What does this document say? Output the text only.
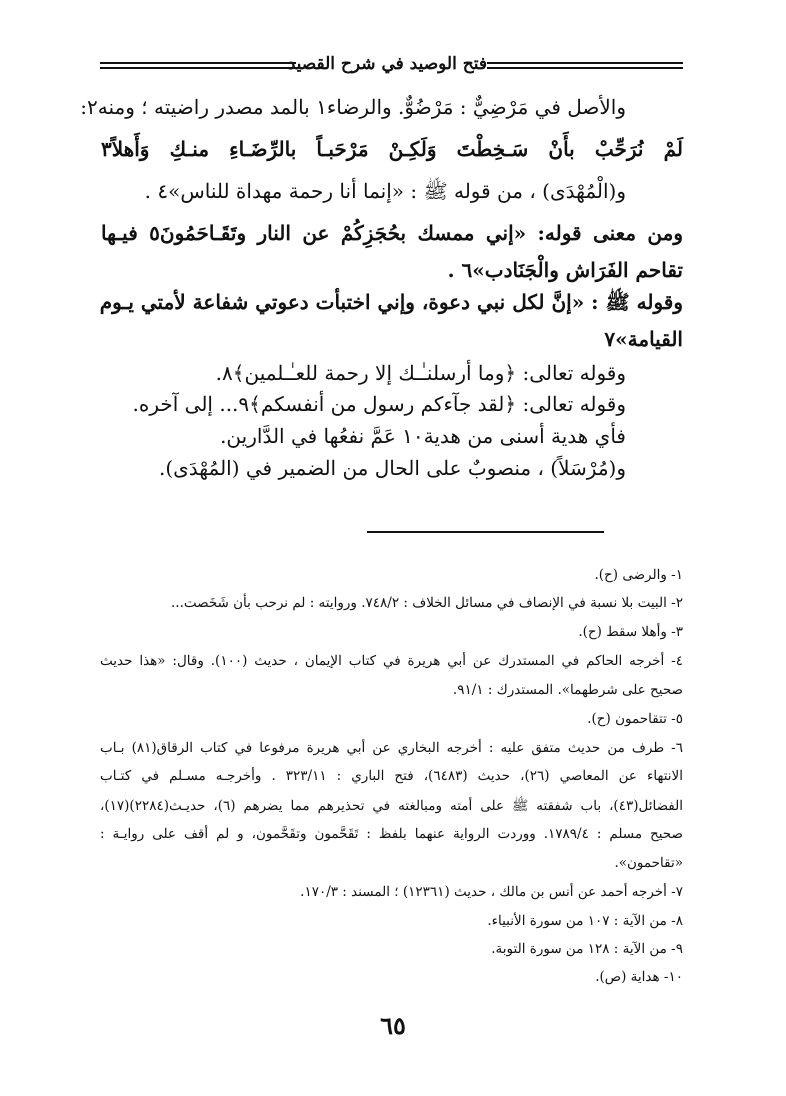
فتح الوصيد في شرح القصيد
والأصل في مَرْضِيٌّ : مَرْضُوٌّ. والرضاء١ بالمد مصدر راضيته ؛ ومنه٢:
لَمْ نُرَحِّبْ بأَنْ سَـخِطْتَ وَلَكِـنْ مَرْحَبـاً بالرِّضَـاءِ منـكِ وَأَهلاً٣
و(الْمُهْدَى) ، من قوله ﷺ : «إنما أنا رحمة مهداة للناس»٤ .
ومن معنى قوله: «إني ممسك بحُجَزِكُمْ عن النار وتَقَـاحَمُونَ٥ فيـها
تقاحم الفَرَاش والْجَنَادب»٦ .
وقوله ﷺ : «إنَّ لكل نبي دعوة، وإني اختبأت دعوتي شفاعة لأمتي يـوم
القيامة»٧
وقوله تعالى: ﴿وما أرسلنـٰـك إلا رحمة للعـٰـلمين﴾٨.
وقوله تعالى: ﴿لقد جآءكم رسول من أنفسكم﴾٩... إلى آخره.
فأي هدية أسنى من هدية١٠ عَمَّ نفعُها في الدَّارين.
و(مُرْسَلاً) ، منصوبٌ على الحال من الضمير في (المُهْدَى).
١- والرضى (ح).
٢- البيت بلا نسبة في الإنصاف في مسائل الخلاف : ٧٤٨/٢. وروايته : لم نرحب بأن شَخَصت...
٣- وأهلا سقط (ح).
٤- أخرجه الحاكم في المستدرك عن أبي هريرة في كتاب الإيمان ، حديث (١٠٠). وقال: «هذا حديث
صحيح على شرطهما». المستدرك : ٩١/١.
٥- تتقاحمون (ح).
٦- طرف من حديث متفق عليه : أخرجه البخاري عن أبي هريرة مرفوعا في كتاب الرقاق(٨١) بـاب
الانتهاء عن المعاصي (٢٦)، حديث (٦٤٨٣)، فتح الباري : ٣٢٣/١١ . وأخرجـه مسـلم في كتـاب
الفضائل(٤٣)، باب شفقته ﷺ على أمته ومبالغته في تحذيرهم مما يضرهم (٦)، حديـث(٢٢٨٤)(١٧)،
صحيح مسلم : ١٧٨٩/٤. ووردت الرواية عنهما بلفظ : تَقَحَّمون وتقَحَّمون، و لم أقف على روايـة :
«تقاحمون».
٧- أخرجه أحمد عن أنس بن مالك ، حديث (١٢٣٦١) ؛ المسند : ١٧٠/٣.
٨- من الآية : ١٠٧ من سورة الأنبياء.
٩- من الآية : ١٢٨ من سورة التوبة.
١٠- هداية (ص).
٦٥
